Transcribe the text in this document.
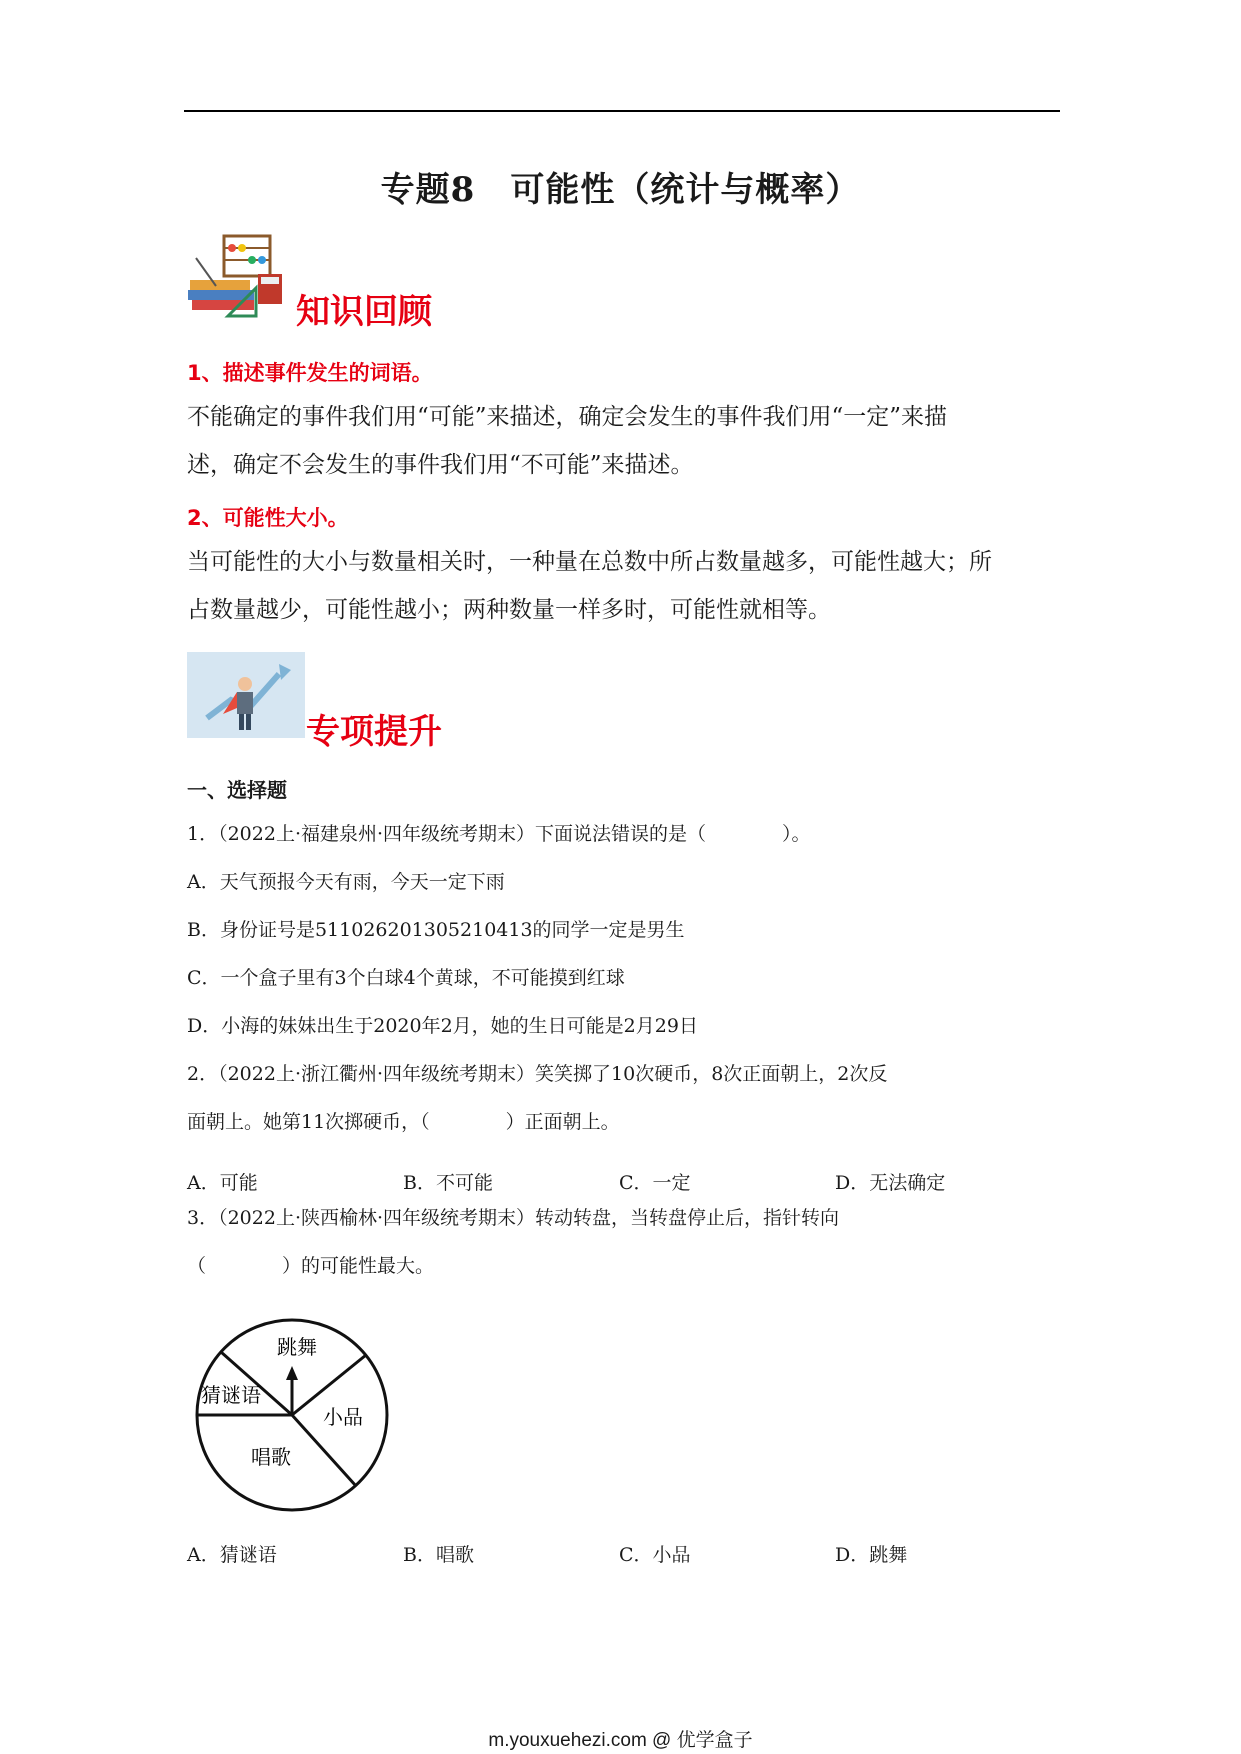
专题8　可能性（统计与概率）
知识回顾
1、描述事件发生的词语。
不能确定的事件我们用“可能”来描述，确定会发生的事件我们用“一定”来描
述，确定不会发生的事件我们用“不可能”来描述。
2、可能性大小。
当可能性的大小与数量相关时，一种量在总数中所占数量越多，可能性越大；所
占数量越少，可能性越小；两种数量一样多时，可能性就相等。
专项提升
一、选择题
1．（2022上·福建泉州·四年级统考期末）下面说法错误的是（　　　　）。
A．天气预报今天有雨，今天一定下雨
B．身份证号是511026201305210413的同学一定是男生
C．一个盒子里有3个白球4个黄球，不可能摸到红球
D．小海的妹妹出生于2020年2月，她的生日可能是2月29日
2．（2022上·浙江衢州·四年级统考期末）笑笑掷了10次硬币，8次正面朝上，2次反
面朝上。她第11次掷硬币，（　　　　）正面朝上。
A．可能	B．不可能	C．一定	D．无法确定
3．（2022上·陕西榆林·四年级统考期末）转动转盘，当转盘停止后，指针转向
（　　　　）的可能性最大。
跳舞
猜谜语
小品
唱歌
A．猜谜语	B．唱歌	C．小品	D．跳舞
m.youxuehezi.com @ 优学盒子
